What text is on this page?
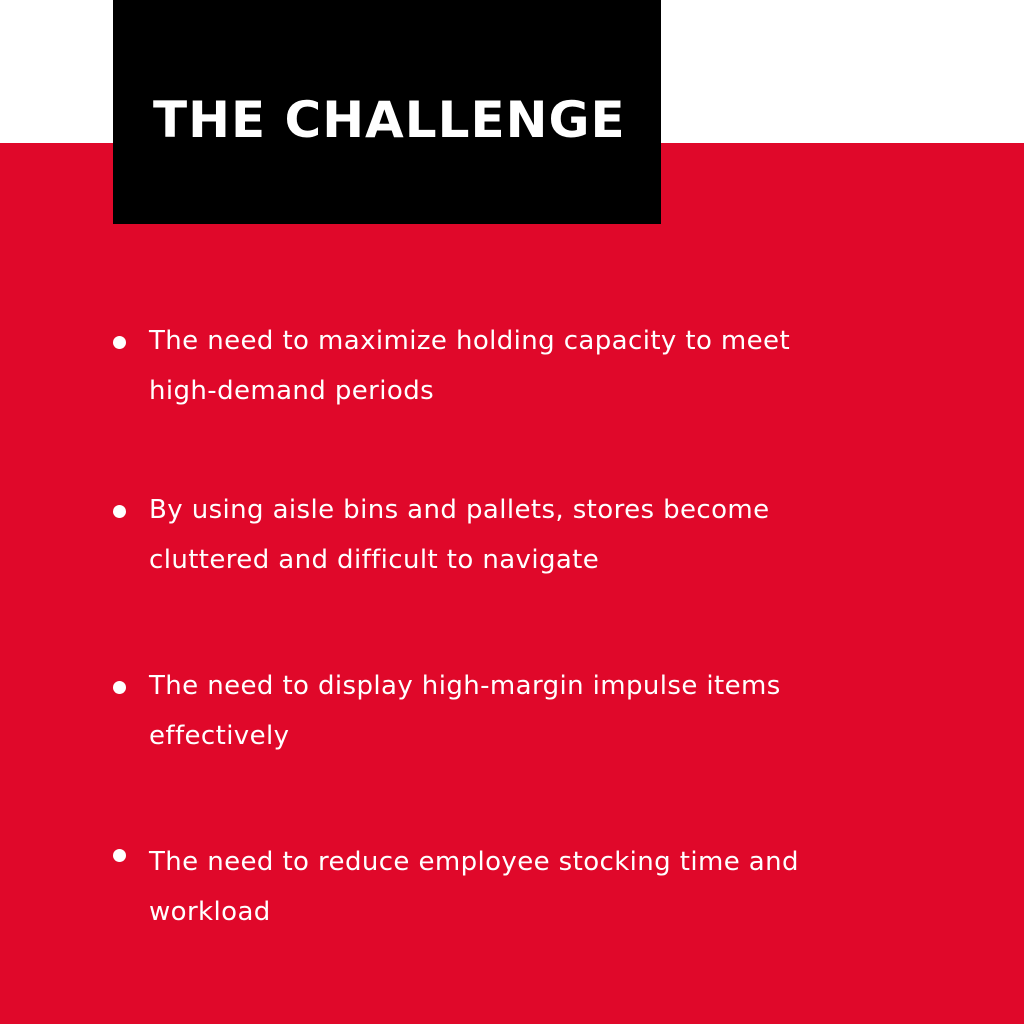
THE CHALLENGE
The need to maximize holding capacity to meet high-demand periods
By using aisle bins and pallets, stores become cluttered and difficult to navigate
The need to display high-margin impulse items effectively
The need to reduce employee stocking time and workload
